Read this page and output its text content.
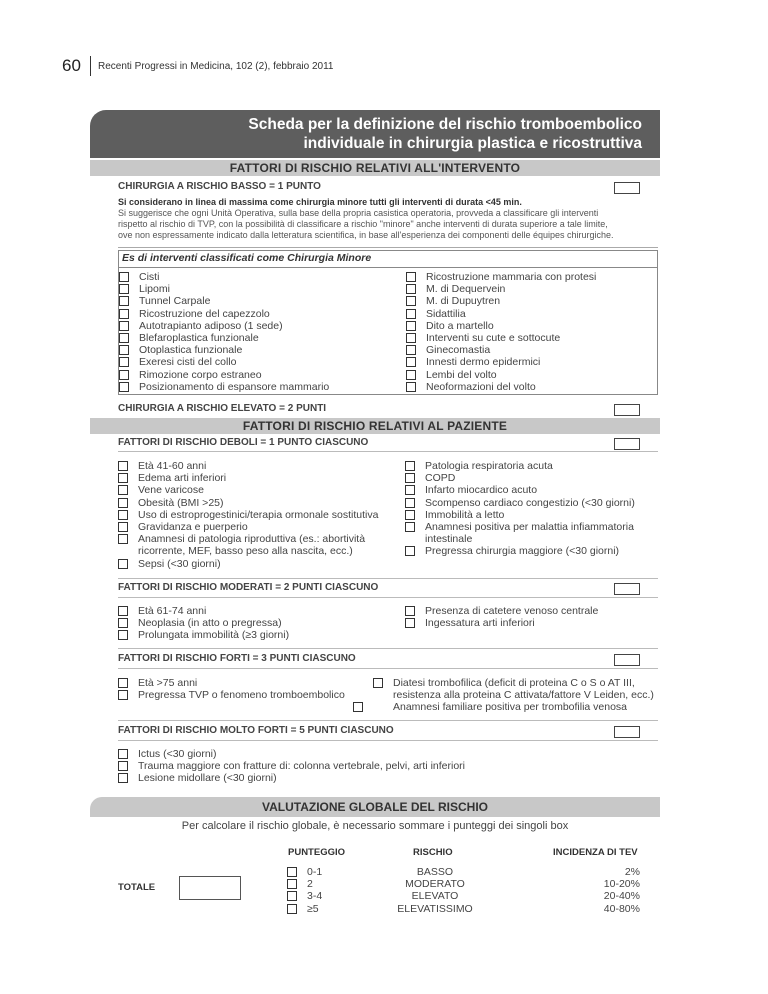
60 Recenti Progressi in Medicina, 102 (2), febbraio 2011
Scheda per la definizione del rischio tromboembolico
individuale in chirurgia plastica e ricostruttiva
FATTORI DI RISCHIO RELATIVI ALL'INTERVENTO
CHIRURGIA A RISCHIO BASSO = 1 PUNTO
Si considerano in linea di massima come chirurgia minore tutti gli interventi di durata <45 min.
Si suggerisce che ogni Unità Operativa, sulla base della propria casistica operatoria, provveda a classificare gli interventi
rispetto al rischio di TVP, con la possibilità di classificare a rischio "minore" anche interventi di durata superiore a tale limite,
ove non espressamente indicato dalla letteratura scientifica, in base all'esperienza dei componenti delle équipes chirurgiche.
Es di interventi classificati come Chirurgia Minore
Cisti
Lipomi
Tunnel Carpale
Ricostruzione del capezzolo
Autotrapianto adiposo (1 sede)
Blefaroplastica funzionale
Otoplastica funzionale
Exeresi cisti del collo
Rimozione corpo estraneo
Posizionamento di espansore mammario
Ricostruzione mammaria con protesi
M. di Dequervein
M. di Dupuytren
Sidattilia
Dito a martello
Interventi su cute e sottocute
Ginecomastia
Innesti dermo epidermici
Lembi del volto
Neoformazioni del volto
CHIRURGIA A RISCHIO ELEVATO = 2 PUNTI
FATTORI DI RISCHIO RELATIVI AL PAZIENTE
FATTORI DI RISCHIO DEBOLI = 1 PUNTO CIASCUNO
Età 41-60 anni
Edema arti inferiori
Vene varicose
Obesità (BMI >25)
Uso di estroprogestinici/terapia ormonale sostitutiva
Gravidanza e puerperio
Anamnesi di patologia riproduttiva (es.: abortività
ricorrente, MEF, basso peso alla nascita, ecc.)
Sepsi (<30 giorni)
Patologia respiratoria acuta
COPD
Infarto miocardico acuto
Scompenso cardiaco congestizio (<30 giorni)
Immobilità a letto
Anamnesi positiva per malattia infiammatoria
intestinale
Pregressa chirurgia maggiore (<30 giorni)
FATTORI DI RISCHIO MODERATI = 2 PUNTI CIASCUNO
Età 61-74 anni
Neoplasia (in atto o pregressa)
Prolungata immobilità (≥3 giorni)
Presenza di catetere venoso centrale
Ingessatura arti inferiori
FATTORI DI RISCHIO FORTI = 3 PUNTI CIASCUNO
Età >75 anni
Pregressa TVP o fenomeno tromboembolico
Diatesi trombofilica (deficit di proteina C o S o AT III,
resistenza alla proteina C attivata/fattore V Leiden, ecc.)
Anamnesi familiare positiva per trombofilia venosa
FATTORI DI RISCHIO MOLTO FORTI = 5 PUNTI CIASCUNO
Ictus (<30 giorni)
Trauma maggiore con fratture di: colonna vertebrale, pelvi, arti inferiori
Lesione midollare (<30 giorni)
VALUTAZIONE GLOBALE DEL RISCHIO
Per calcolare il rischio globale, è necessario sommare i punteggi dei singoli box
PUNTEGGIO	RISCHIO	INCIDENZA DI TEV
TOTALE
0-1
2
3-4
≥5
BASSO
MODERATO
ELEVATO
ELEVATISSIMO
2%
10-20%
20-40%
40-80%
